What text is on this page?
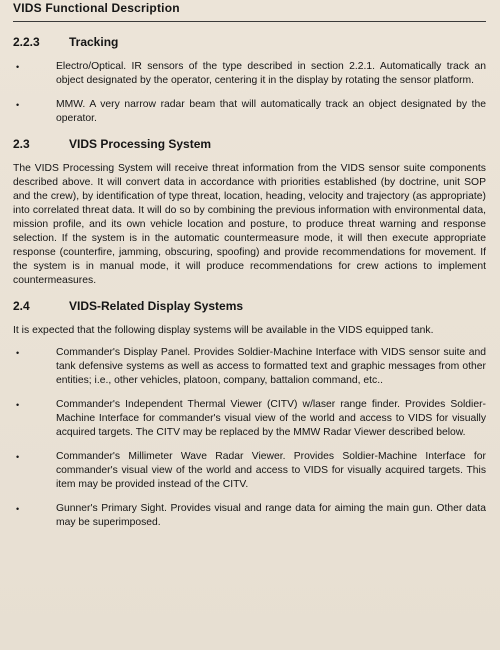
VIDS Functional Description
2.2.3	Tracking
•	Electro/Optical. IR sensors of the type described in section 2.2.1. Automatically track an object designated by the operator, centering it in the display by rotating the sensor platform.
•	MMW. A very narrow radar beam that will automatically track an object designated by the operator.
2.3	VIDS Processing System

The VIDS Processing System will receive threat information from the VIDS sensor suite components described above. It will convert data in accordance with priorities established (by doctrine, unit SOP and the crew), by identification of type threat, location, heading, velocity and trajectory (as appropriate) into correlated threat data. It will do so by combining the previous information with environmental data, mission profile, and its own vehicle location and posture, to produce threat warning and response selection. If the system is in the automatic countermeasure mode, it will then execute appropriate response (counterfire, jamming, obscuring, spoofing) and provide recommendations for movement. If the system is in manual mode, it will produce recommendations for crew actions to implement countermeasures.

2.4	VIDS-Related Display Systems

It is expected that the following display systems will be available in the VIDS equipped tank.

•	Commander's Display Panel. Provides Soldier-Machine Interface with VIDS sensor suite and tank defensive systems as well as access to formatted text and graphic messages from other entities; i.e., other vehicles, platoon, company, battalion command, etc..
•	Commander's Independent Thermal Viewer (CITV) w/laser range finder. Provides Soldier-Machine Interface for commander's visual view of the world and access to VIDS for visually acquired targets. The CITV may be replaced by the MMW Radar Viewer described below.
•	Commander's Millimeter Wave Radar Viewer. Provides Soldier-Machine Interface for commander's visual view of the world and access to VIDS for visually acquired targets. This item may be provided instead of the CITV.
•	Gunner's Primary Sight. Provides visual and range data for aiming the main gun. Other data may be superimposed.
